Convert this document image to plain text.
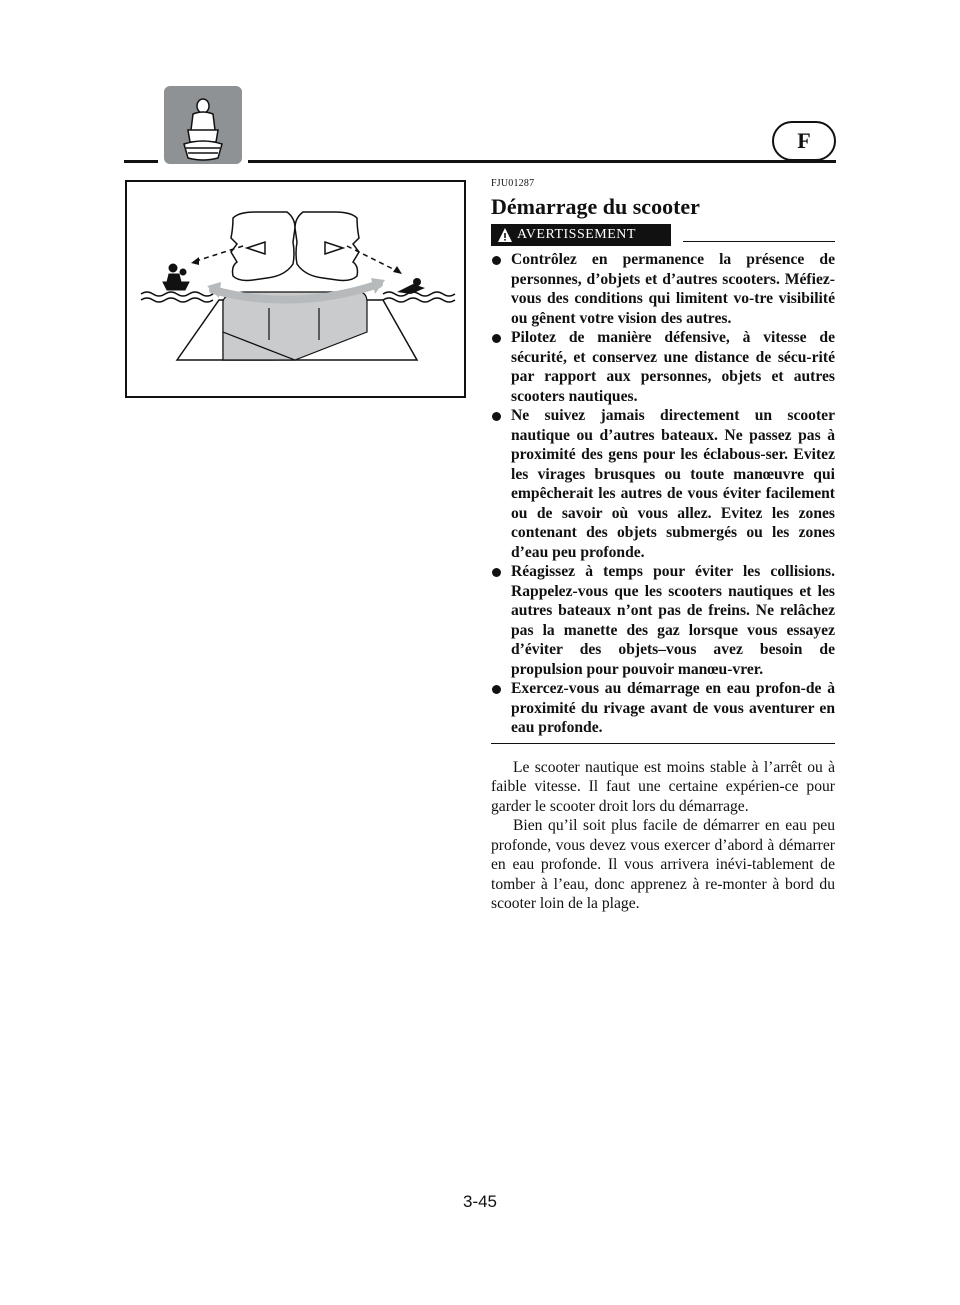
F

FJU01287

Démarrage du scooter
AVERTISSEMENT
Contrôlez en permanence la présence de personnes, d’objets et d’autres scooters. Méfiez-vous des conditions qui limitent vo-tre visibilité ou gênent votre vision des autres.
Pilotez de manière défensive, à vitesse de sécurité, et conservez une distance de sécu-rité par rapport aux personnes, objets et autres scooters nautiques.
Ne suivez jamais directement un scooter nautique ou d’autres bateaux. Ne passez pas à proximité des gens pour les éclabous-ser. Evitez les virages brusques ou toute manœuvre qui empêcherait les autres de vous éviter facilement ou de savoir où vous allez. Evitez les zones contenant des objets submergés ou les zones d’eau peu profonde.
Réagissez à temps pour éviter les collisions. Rappelez-vous que les scooters nautiques et les autres bateaux n’ont pas de freins. Ne relâchez pas la manette des gaz lorsque vous essayez d’éviter des objets–vous avez besoin de propulsion pour pouvoir manœu-vrer.
Exercez-vous au démarrage en eau profon-de à proximité du rivage avant de vous aventurer en eau profonde.

Le scooter nautique est moins stable à l’arrêt ou à faible vitesse. Il faut une certaine expérien-ce pour garder le scooter droit lors du démarrage.

Bien qu’il soit plus facile de démarrer en eau peu profonde, vous devez vous exercer d’abord à démarrer en eau profonde. Il vous arrivera inévi-tablement de tomber à l’eau, donc apprenez à re-monter à bord du scooter loin de la plage.

3-45
